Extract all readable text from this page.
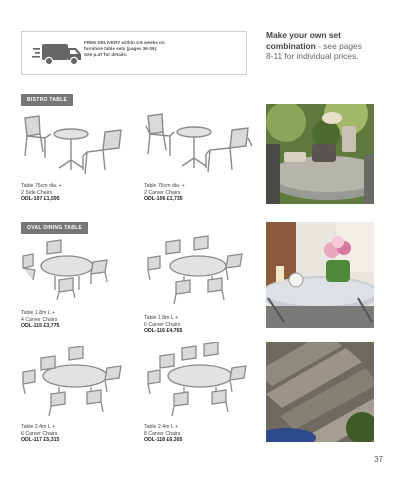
FREE DELIVERY within 4-6 weeks on
furniture table sets (pages 36-39).
See p.47 for details.
Make your own set
combination - see pages
8-11 for individual prices.
BISTRO TABLE
OVAL DINING TABLE
Table 75cm dia. +
2 Side Chairs
ODL-107 £1,595
Table 75cm dia. +
2 Carver Chairs
ODL-106 £1,735
Table 1.8m L +
4 Carver Chairs
ODL-115 £3,775
Table 1.8m L +
6 Carver Chairs
ODL-116 £4,765
Table 2.4m L +
6 Carver Chairs
ODL-117 £5,315
Table 2.4m L +
8 Carver Chairs
ODL-118 £6,305
37
